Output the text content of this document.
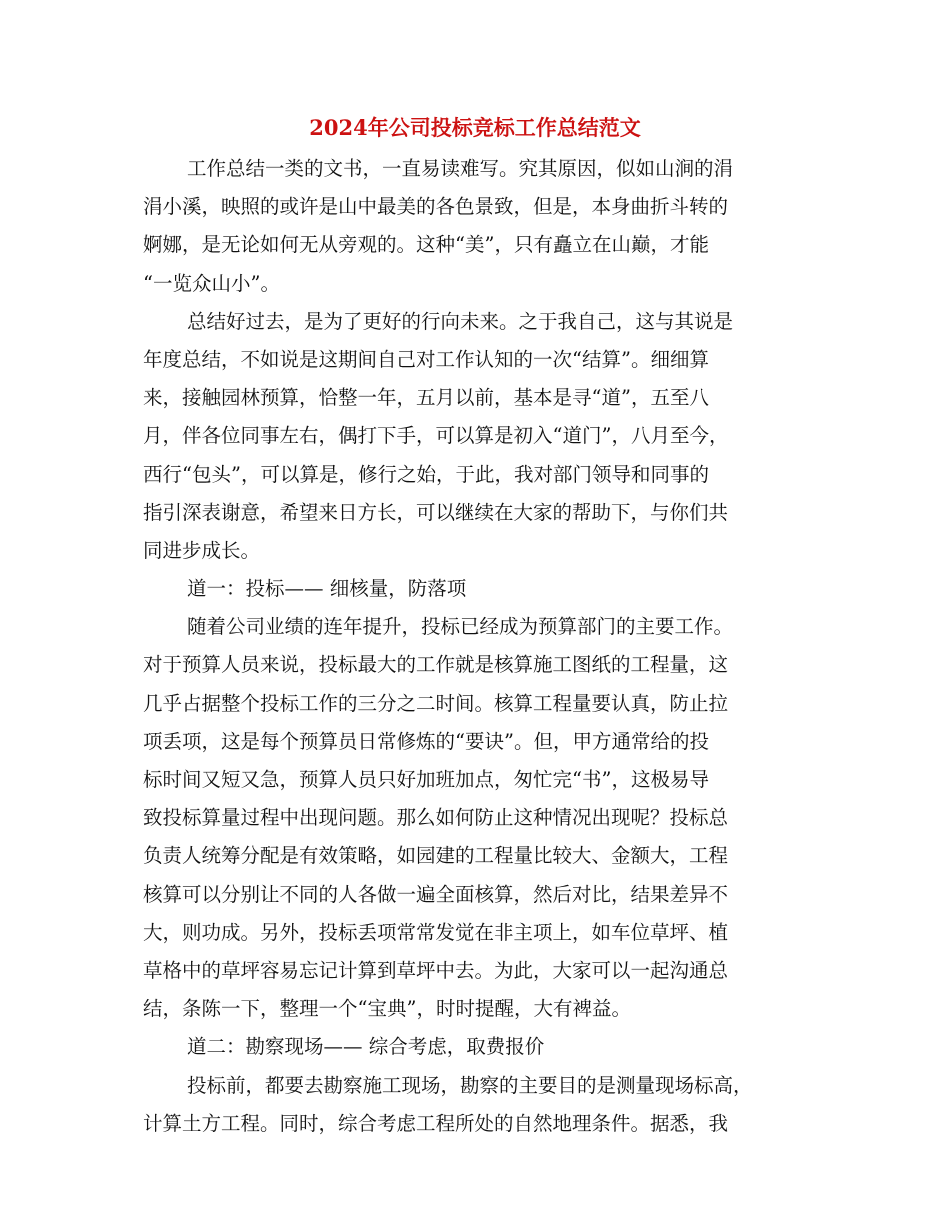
2024年公司投标竞标工作总结范文
工作总结一类的文书，一直易读难写。究其原因，似如山涧的涓
涓小溪，映照的或许是山中最美的各色景致，但是，本身曲折斗转的
婀娜，是无论如何无从旁观的。这种“美”，只有矗立在山巅，才能
“一览众山小”。
总结好过去，是为了更好的行向未来。之于我自己，这与其说是
年度总结，不如说是这期间自己对工作认知的一次“结算”。细细算
来，接触园林预算，恰整一年，五月以前，基本是寻“道”，五至八
月，伴各位同事左右，偶打下手，可以算是初入“道门”，八月至今，
西行“包头”，可以算是，修行之始，于此，我对部门领导和同事的
指引深表谢意，希望来日方长，可以继续在大家的帮助下，与你们共
同进步成长。
道一：投标—— 细核量，防落项
随着公司业绩的连年提升，投标已经成为预算部门的主要工作。
对于预算人员来说，投标最大的工作就是核算施工图纸的工程量，这
几乎占据整个投标工作的三分之二时间。核算工程量要认真，防止拉
项丢项，这是每个预算员日常修炼的“要诀”。但，甲方通常给的投
标时间又短又急，预算人员只好加班加点，匆忙完“书”，这极易导
致投标算量过程中出现问题。那么如何防止这种情况出现呢？投标总
负责人统筹分配是有效策略，如园建的工程量比较大、金额大，工程
核算可以分别让不同的人各做一遍全面核算，然后对比，结果差异不
大，则功成。另外，投标丢项常常发觉在非主项上，如车位草坪、植
草格中的草坪容易忘记计算到草坪中去。为此，大家可以一起沟通总
结，条陈一下，整理一个“宝典”，时时提醒，大有裨益。
道二：勘察现场—— 综合考虑，取费报价
投标前，都要去勘察施工现场，勘察的主要目的是测量现场标高，
计算土方工程。同时，综合考虑工程所处的自然地理条件。据悉，我
